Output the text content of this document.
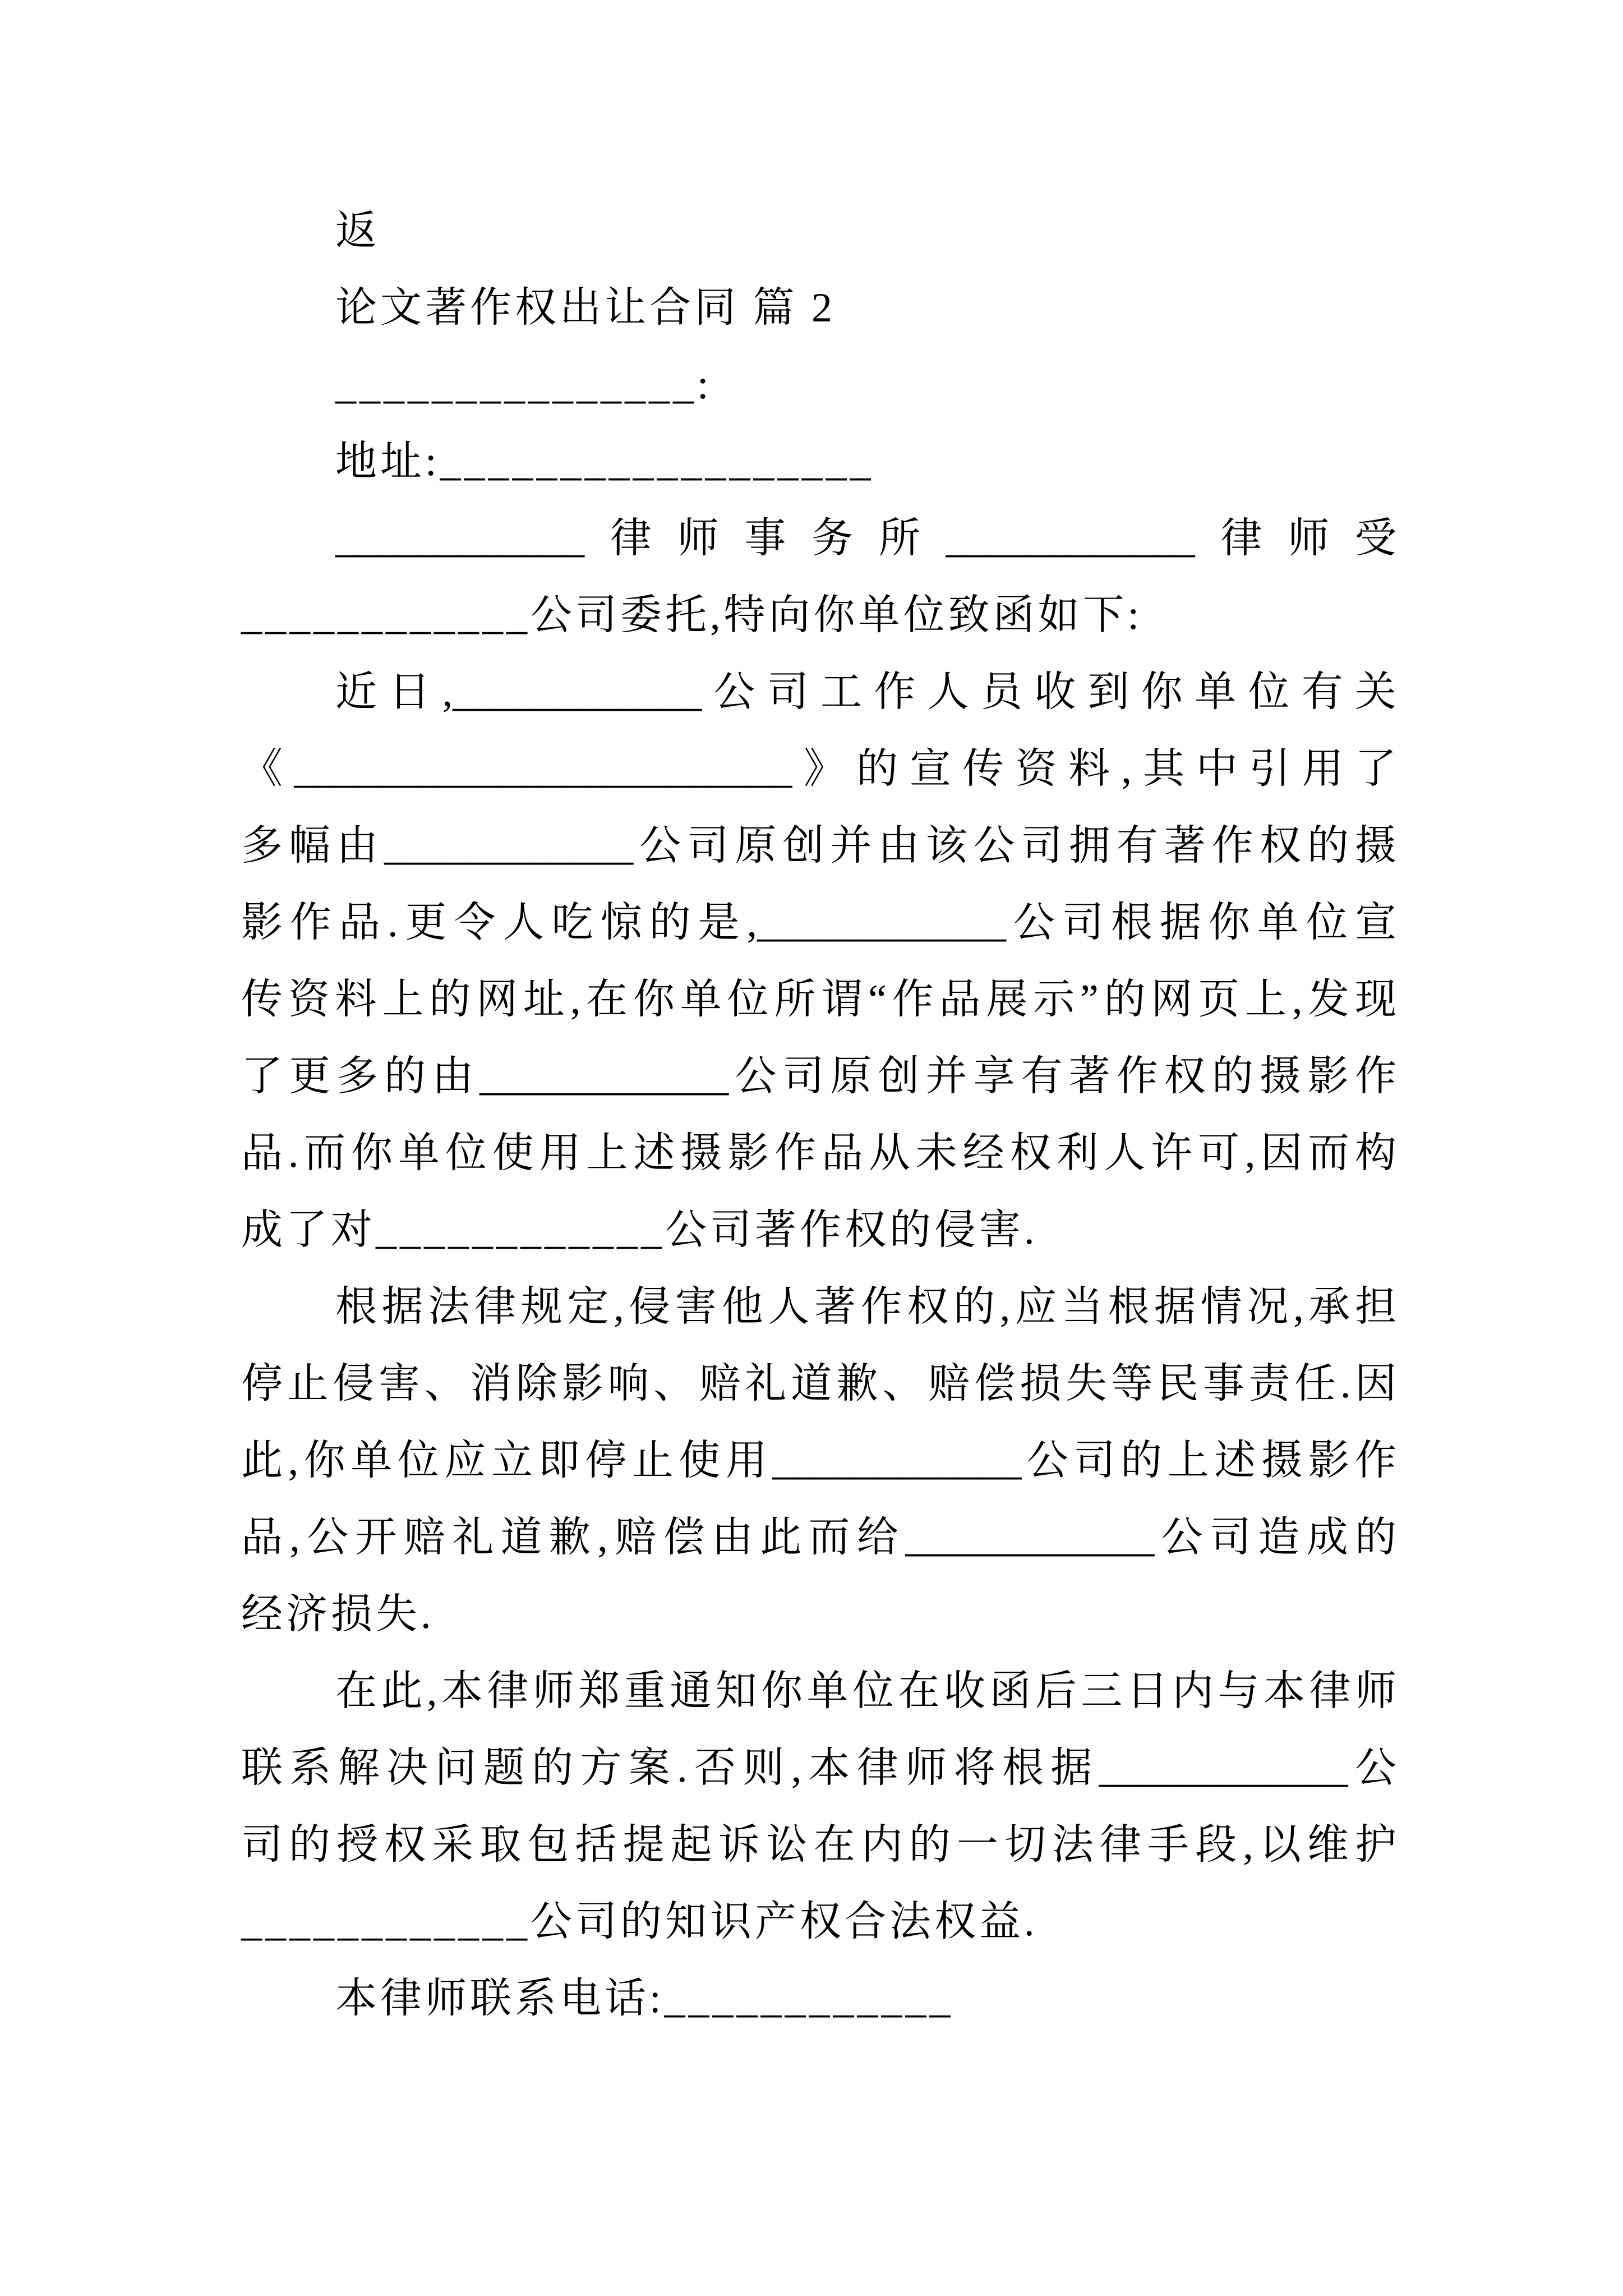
返

论文著作权出让合同 篇 2

_______________:

地址:__________________

____________律师事务所____________律师受

____________公司委托,特向你单位致函如下:

近日,____________公司工作人员收到你单位有关

《________________________》的宣传资料,其中引用了

多幅由____________公司原创并由该公司拥有著作权的摄

影作品.更令人吃惊的是,____________公司根据你单位宣

传资料上的网址,在你单位所谓“作品展示”的网页上,发现

了更多的由____________公司原创并享有著作权的摄影作

品.而你单位使用上述摄影作品从未经权利人许可,因而构

成了对____________公司著作权的侵害.

根据法律规定,侵害他人著作权的,应当根据情况,承担

停止侵害、消除影响、赔礼道歉、赔偿损失等民事责任.因

此,你单位应立即停止使用____________公司的上述摄影作

品,公开赔礼道歉,赔偿由此而给____________公司造成的

经济损失.

在此,本律师郑重通知你单位在收函后三日内与本律师

联系解决问题的方案.否则,本律师将根据____________公

司的授权采取包括提起诉讼在内的一切法律手段,以维护

____________公司的知识产权合法权益.

本律师联系电话:____________
